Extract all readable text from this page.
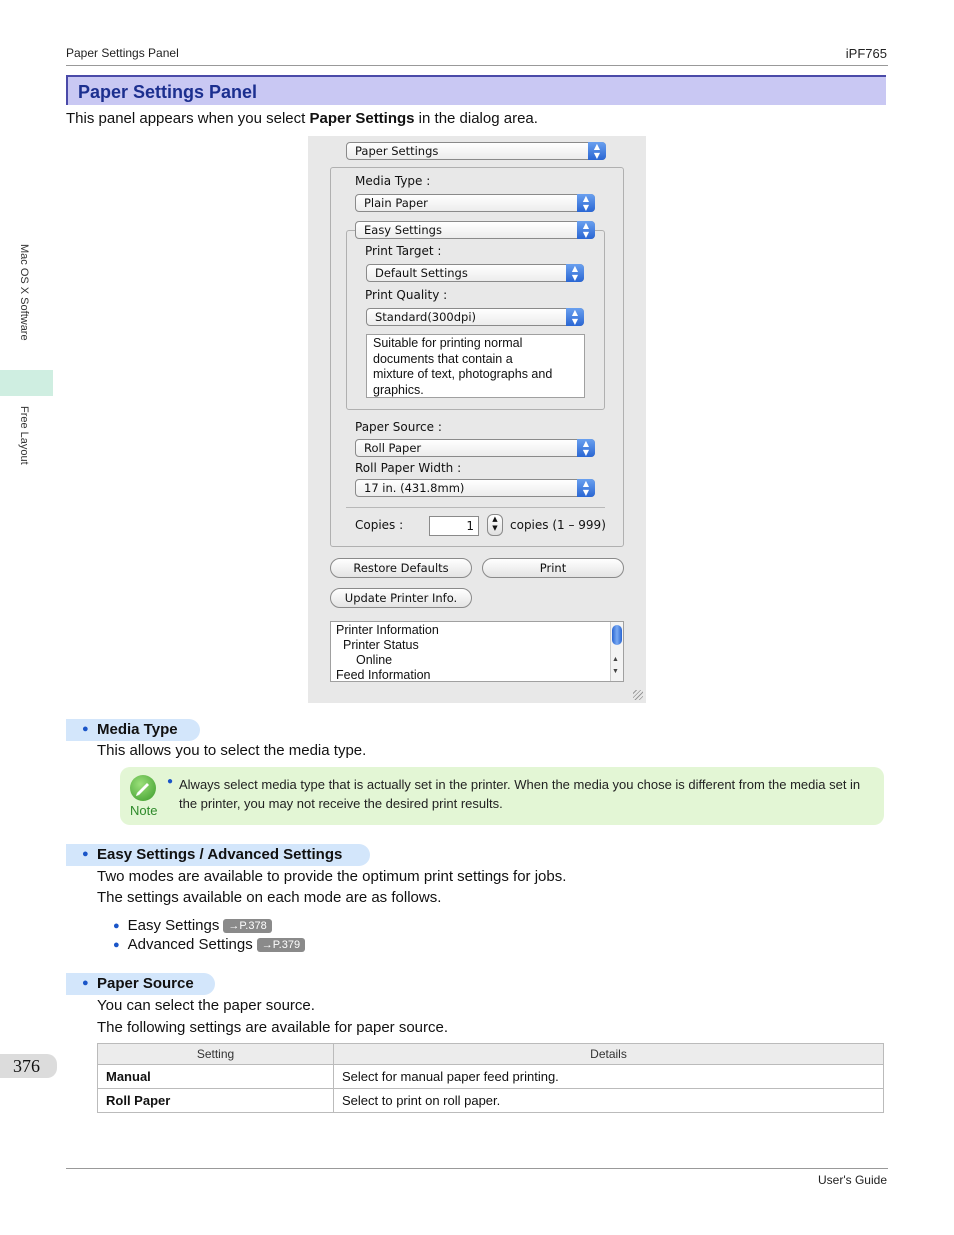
Paper Settings Panel	iPF765
Mac OS X Software
Free Layout
Paper Settings Panel
This panel appears when you select Paper Settings in the dialog area.
Paper Settings	▲
▼
Media Type :
Plain Paper	▲
▼
Easy Settings	▲
▼
Print Target :
Default Settings	▲
▼
Print Quality :
Standard(300dpi)	▲
▼
Suitable for printing normal
documents that contain a
mixture of text, photographs and
graphics.
Paper Source :
Roll Paper	▲
▼
Roll Paper Width :
17 in. (431.8mm)	▲
▼
Copies :	1	▲
▼	copies (1 – 999)
Restore Defaults	Print
Update Printer Info.
Printer Information
Printer Status
Online
Feed Information
▲
▼
● Media Type
This allows you to select the media type.
Note
● Always select media type that is actually set in the printer. When the media you chose is different from the media set in
the printer, you may not receive the desired print results.
● Easy Settings / Advanced Settings
Two modes are available to provide the optimum print settings for jobs.
The settings available on each mode are as follows.
● Easy Settings →P.378
● Advanced Settings →P.379
● Paper Source
You can select the paper source.
The following settings are available for paper source.
Setting	Details
Manual	Select for manual paper feed printing.
Roll Paper	Select to print on roll paper.
376
User's Guide
